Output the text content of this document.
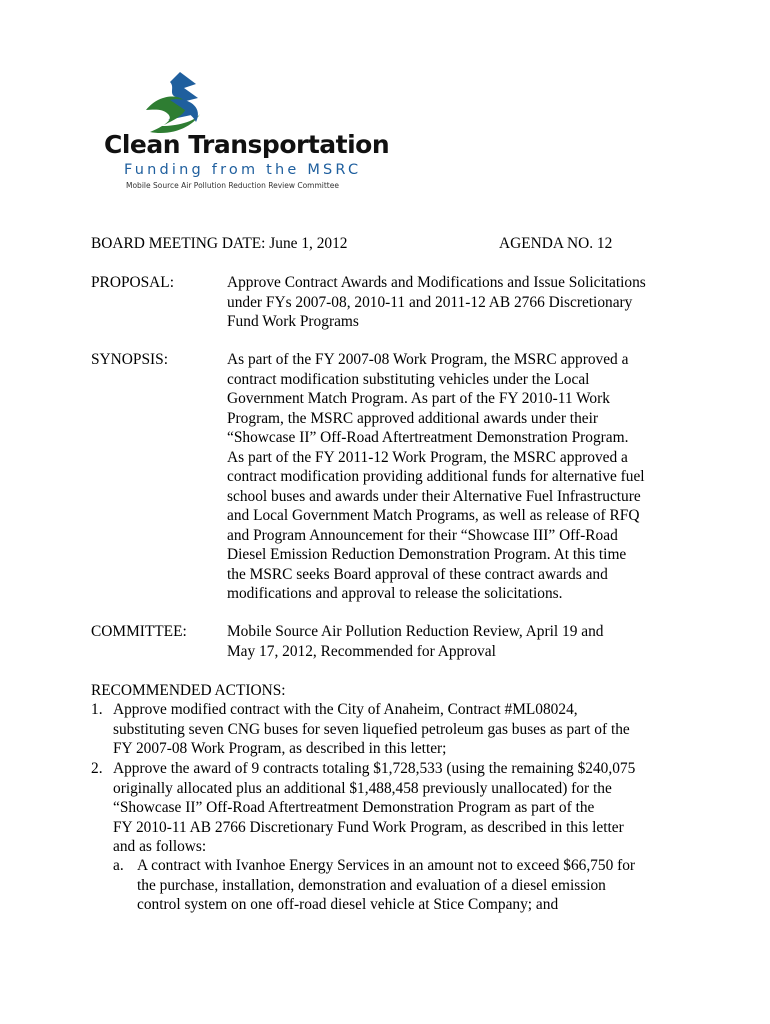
Clean Transportation
Funding from the MSRC
Mobile Source Air Pollution Reduction Review Committee
BOARD MEETING DATE: June 1, 2012	AGENDA NO. 12
PROPOSAL:	Approve Contract Awards and Modifications and Issue Solicitations
under FYs 2007-08, 2010-11 and 2011-12 AB 2766 Discretionary
Fund Work Programs
SYNOPSIS:	As part of the FY 2007-08 Work Program, the MSRC approved a
contract modification substituting vehicles under the Local
Government Match Program. As part of the FY 2010-11 Work
Program, the MSRC approved additional awards under their
“Showcase II” Off-Road Aftertreatment Demonstration Program.
As part of the FY 2011-12 Work Program, the MSRC approved a
contract modification providing additional funds for alternative fuel
school buses and awards under their Alternative Fuel Infrastructure
and Local Government Match Programs, as well as release of RFQ
and Program Announcement for their “Showcase III” Off-Road
Diesel Emission Reduction Demonstration Program. At this time
the MSRC seeks Board approval of these contract awards and
modifications and approval to release the solicitations.
COMMITTEE:	Mobile Source Air Pollution Reduction Review, April 19 and
May 17, 2012, Recommended for Approval
RECOMMENDED ACTIONS:
1. Approve modified contract with the City of Anaheim, Contract #ML08024,
substituting seven CNG buses for seven liquefied petroleum gas buses as part of the
FY 2007-08 Work Program, as described in this letter;
2. Approve the award of 9 contracts totaling $1,728,533 (using the remaining $240,075
originally allocated plus an additional $1,488,458 previously unallocated) for the
“Showcase II” Off-Road Aftertreatment Demonstration Program as part of the
FY 2010-11 AB 2766 Discretionary Fund Work Program, as described in this letter
and as follows:
a. A contract with Ivanhoe Energy Services in an amount not to exceed $66,750 for
the purchase, installation, demonstration and evaluation of a diesel emission
control system on one off-road diesel vehicle at Stice Company; and
